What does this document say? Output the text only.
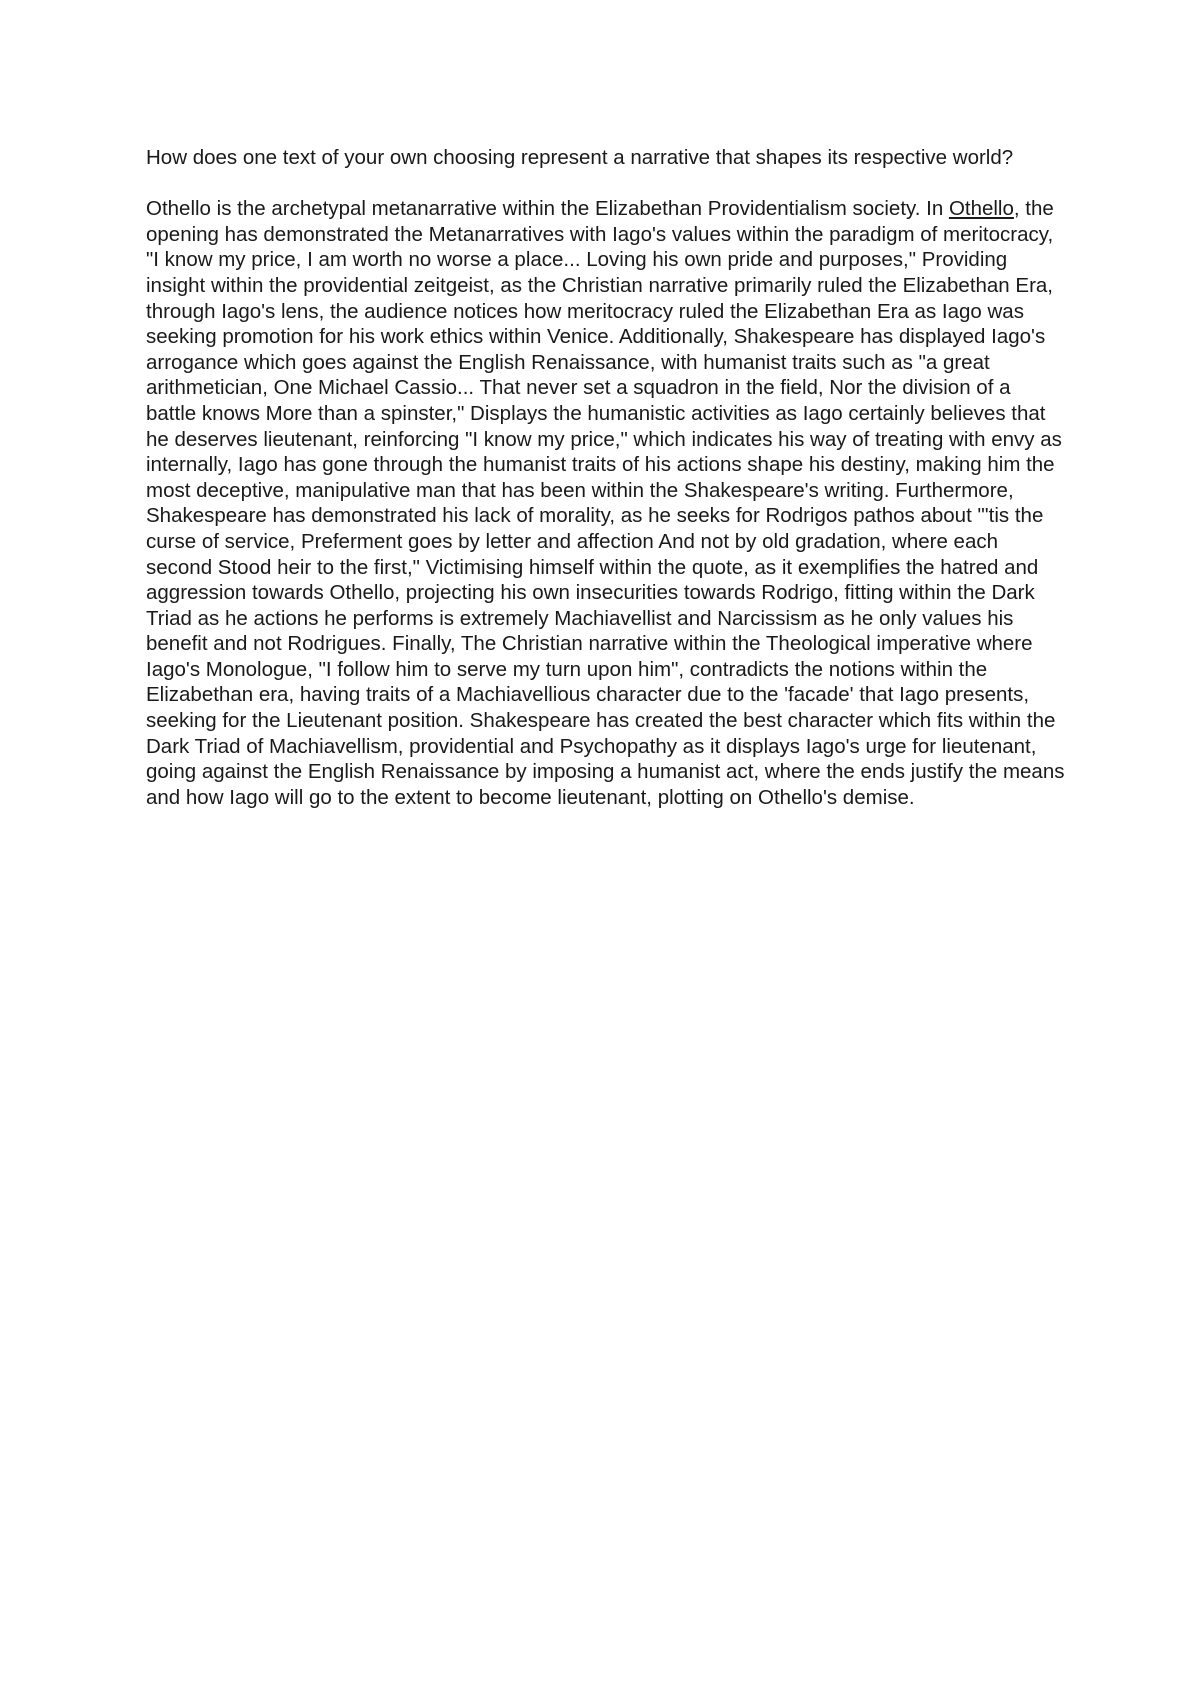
How does one text of your own choosing represent a narrative that shapes its respective world?

Othello is the archetypal metanarrative within the Elizabethan Providentialism society. In Othello, the opening has demonstrated the Metanarratives with Iago's values within the paradigm of meritocracy, "I know my price, I am worth no worse a place... Loving his own pride and purposes," Providing insight within the providential zeitgeist, as the Christian narrative primarily ruled the Elizabethan Era, through Iago's lens, the audience notices how meritocracy ruled the Elizabethan Era as Iago was seeking promotion for his work ethics within Venice. Additionally, Shakespeare has displayed Iago's arrogance which goes against the English Renaissance, with humanist traits such as "a great arithmetician, One Michael Cassio... That never set a squadron in the field, Nor the division of a battle knows More than a spinster," Displays the humanistic activities as Iago certainly believes that he deserves lieutenant, reinforcing "I know my price," which indicates his way of treating with envy as internally, Iago has gone through the humanist traits of his actions shape his destiny, making him the most deceptive, manipulative man that has been within the Shakespeare's writing. Furthermore, Shakespeare has demonstrated his lack of morality, as he seeks for Rodrigos pathos about "'tis the curse of service, Preferment goes by letter and affection And not by old gradation, where each second Stood heir to the first," Victimising himself within the quote, as it exemplifies the hatred and aggression towards Othello, projecting his own insecurities towards Rodrigo, fitting within the Dark Triad as he actions he performs is extremely Machiavellist and Narcissism as he only values his benefit and not Rodrigues. Finally, The Christian narrative within the Theological imperative where Iago's Monologue, "I follow him to serve my turn upon him", contradicts the notions within the Elizabethan era, having traits of a Machiavellious character due to the 'facade' that Iago presents, seeking for the Lieutenant position. Shakespeare has created the best character which fits within the Dark Triad of Machiavellism, providential and Psychopathy as it displays Iago's urge for lieutenant, going against the English Renaissance by imposing a humanist act, where the ends justify the means and how Iago will go to the extent to become lieutenant, plotting on Othello's demise.
